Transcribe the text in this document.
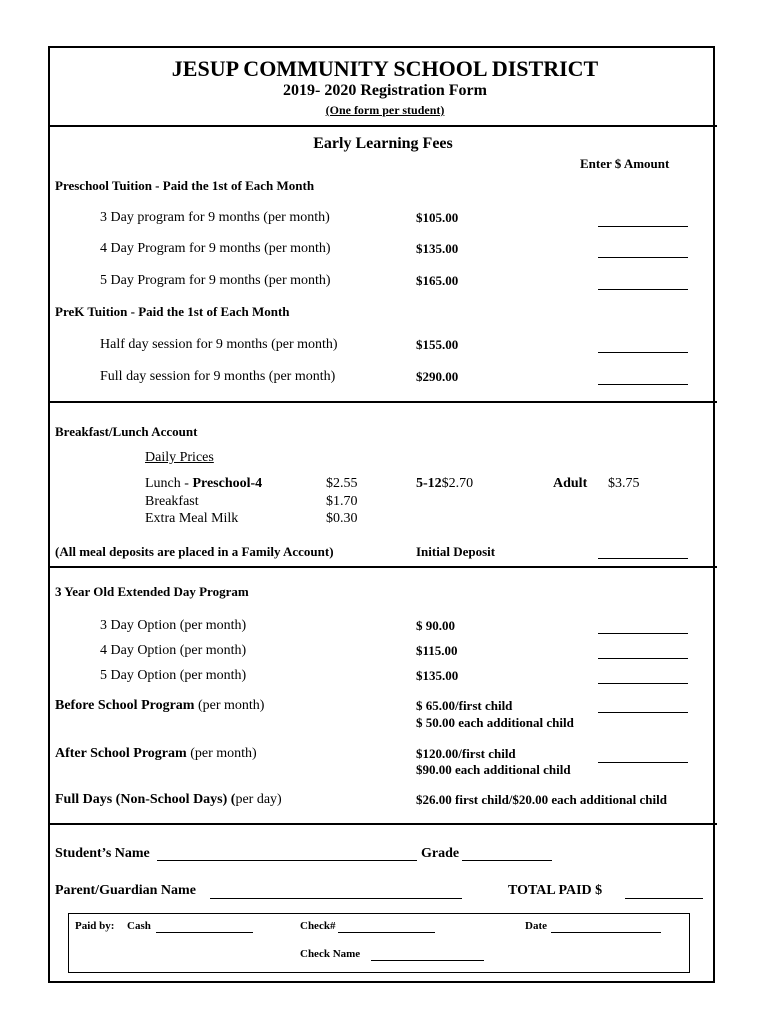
JESUP COMMUNITY SCHOOL DISTRICT
2019- 2020 Registration Form
(One form per student)
Early Learning Fees
Enter $ Amount
Preschool Tuition - Paid the 1st of Each Month
3 Day program for 9 months (per month)	$105.00
4 Day Program for 9 months (per month)	$135.00
5 Day Program for 9 months (per month)	$165.00
PreK Tuition - Paid the 1st of Each Month
Half day session for 9 months (per month)	$155.00
Full day session for 9 months (per month)	$290.00
Breakfast/Lunch Account
Daily Prices
Lunch - Preschool-4	$2.55	5-12$2.70	Adult $3.75
Breakfast	$1.70
Extra Meal Milk	$0.30
(All meal deposits are placed in a Family Account)	Initial Deposit
3 Year Old Extended Day Program
3 Day Option (per month)	$ 90.00
4 Day Option (per month)	$115.00
5 Day Option (per month)	$135.00
Before School Program (per month)	$ 65.00/first child
$ 50.00 each additional child
After School Program (per month)	$120.00/first child
$90.00 each additional child
Full Days (Non-School Days) (per day)	$26.00 first child/$20.00 each additional child
Student’s Name	Grade
Parent/Guardian Name	TOTAL PAID $
Paid by: Cash	Check#	Date
Check Name
